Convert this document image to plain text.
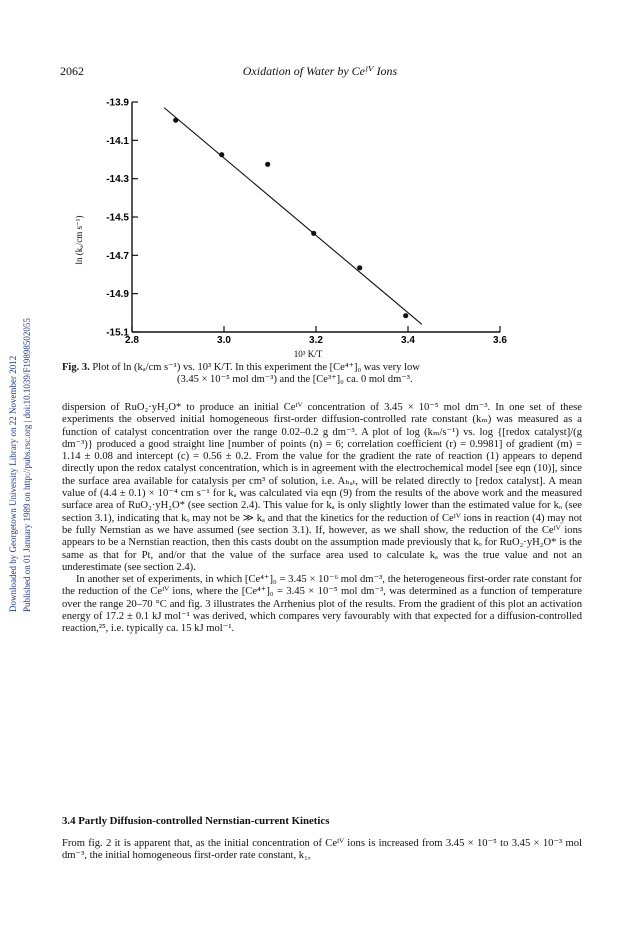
2062	Oxidation of Water by Ceᴵⱽ Ions
Downloaded by Georgetown University Library on 22 November 2012 Published on 01 January 1989 on http://pubs.rsc.org | doi:10.1039/F19898502055
-13.9
-14.1
-14.3
-14.5
-14.7
-14.9
-15.1
2.8	3.0	3.2	3.4	3.6
ln (kₐ/cm s⁻¹)
10³ K/T
Fig. 3. Plot of ln (kₐ/cm s⁻¹) vs. 10³ K/T. In this experiment the [Ce⁴⁺]₀ was very low
(3.45 × 10⁻⁵ mol dm⁻³) and the [Ce³⁺]₀ ca. 0 mol dm⁻³.

dispersion of RuO₂·yH₂O* to produce an initial Ceᴵⱽ concentration of 3.45 × 10⁻⁵ mol dm⁻³. In one set of these experiments the observed initial homogeneous first-order diffusion-controlled rate constant (kₘ) was measured as a function of catalyst concentration over the range 0.02–0.2 g dm⁻³. A plot of log (kₘ/s⁻¹) vs. log {[redox catalyst]/(g dm⁻³)} produced a good straight line [number of points (n) = 6; correlation coefficient (r) = 0.9981] of gradient (m) = 1.14 ± 0.08 and intercept (c) = 0.56 ± 0.2. From the value for the gradient the rate of reaction (1) appears to depend directly upon the redox catalyst concentration, which is in agreement with the electrochemical model [see eqn (10)], since the surface area available for catalysis per cm³ of solution, i.e. Aₕₐₜ, will be related directly to [redox catalyst]. A mean value of (4.4 ± 0.1) × 10⁻⁴ cm s⁻¹ for kₐ was calculated via eqn (9) from the results of the above work and the measured surface area of RuO₂·yH₂O* (see section 2.4). This value for kₐ is only slightly lower than the estimated value for kₒ (see section 3.1), indicating that kₒ may not be ≫ kₐ and that the kinetics for the reduction of Ceᴵⱽ ions in reaction (4) may not be fully Nernstian as we have assumed (see section 3.1). If, however, as we shall show, the reduction of the Ceᴵⱽ ions appears to be a Nernstian reaction, then this casts doubt on the assumption made previously that kₒ for RuO₂·yH₂O* is the same as that for Pt, and/or that the value of the surface area used to calculate kₐ was the true value and not an underestimate (see section 2.4).

In another set of experiments, in which [Ce⁴⁺]₀ = 3.45 × 10⁻⁶ mol dm⁻³, the heterogeneous first-order rate constant for the reduction of the Ceᴵⱽ ions, where the [Ce⁴⁺]₀ = 3.45 × 10⁻⁵ mol dm⁻³, was determined as a function of temperature over the range 20–70 °C and fig. 3 illustrates the Arrhenius plot of the results. From the gradient of this plot an activation energy of 17.2 ± 0.1 kJ mol⁻¹ was derived, which compares very favourably with that expected for a diffusion-controlled reaction,²⁵, i.e. typically ca. 15 kJ mol⁻¹.

3.4 Partly Diffusion-controlled Nernstian-current Kinetics

From fig. 2 it is apparent that, as the initial concentration of Ceᴵⱽ ions is increased from 3.45 × 10⁻⁵ to 3.45 × 10⁻³ mol dm⁻³, the initial homogeneous first-order rate constant, k₁,
